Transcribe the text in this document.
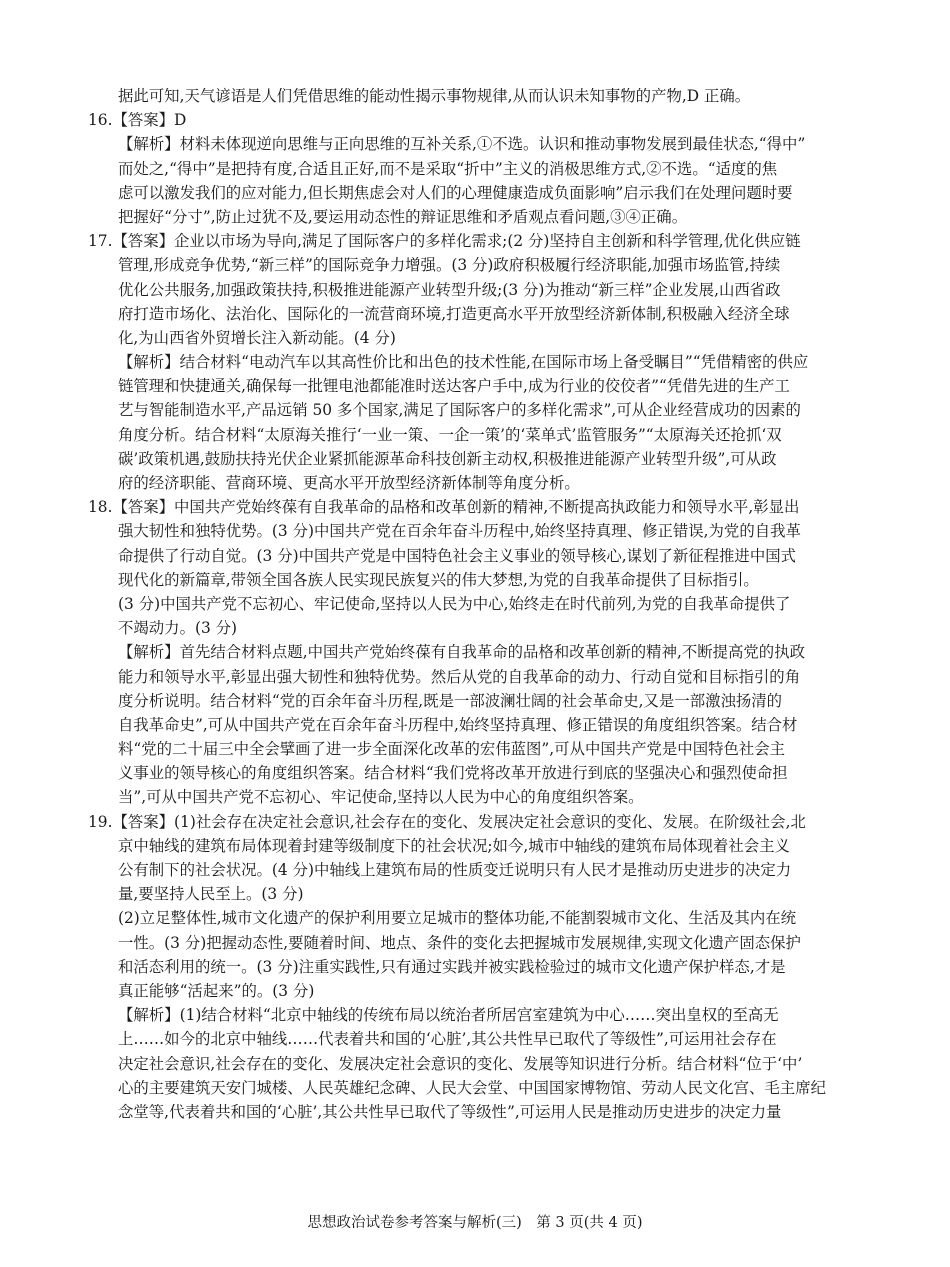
据此可知,天气谚语是人们凭借思维的能动性揭示事物规律,从而认识未知事物的产物,D 正确。
16.【答案】D
【解析】材料未体现逆向思维与正向思维的互补关系,①不选。认识和推动事物发展到最佳状态,“得中”
而处之,“得中”是把持有度,合适且正好,而不是采取“折中”主义的消极思维方式,②不选。“适度的焦
虑可以激发我们的应对能力,但长期焦虑会对人们的心理健康造成负面影响”启示我们在处理问题时要
把握好“分寸”,防止过犹不及,要运用动态性的辩证思维和矛盾观点看问题,③④正确。
17.【答案】企业以市场为导向,满足了国际客户的多样化需求;(2 分)坚持自主创新和科学管理,优化供应链
管理,形成竞争优势,“新三样”的国际竞争力增强。(3 分)政府积极履行经济职能,加强市场监管,持续
优化公共服务,加强政策扶持,积极推进能源产业转型升级;(3 分)为推动“新三样”企业发展,山西省政
府打造市场化、法治化、国际化的一流营商环境,打造更高水平开放型经济新体制,积极融入经济全球
化,为山西省外贸增长注入新动能。(4 分)
【解析】结合材料“电动汽车以其高性价比和出色的技术性能,在国际市场上备受瞩目”“凭借精密的供应
链管理和快捷通关,确保每一批锂电池都能准时送达客户手中,成为行业的佼佼者”“凭借先进的生产工
艺与智能制造水平,产品远销 50 多个国家,满足了国际客户的多样化需求”,可从企业经营成功的因素的
角度分析。结合材料“太原海关推行‘一业一策、一企一策’的‘菜单式’监管服务”“太原海关还抢抓‘双
碳’政策机遇,鼓励扶持光伏企业紧抓能源革命科技创新主动权,积极推进能源产业转型升级”,可从政
府的经济职能、营商环境、更高水平开放型经济新体制等角度分析。
18.【答案】中国共产党始终葆有自我革命的品格和改革创新的精神,不断提高执政能力和领导水平,彰显出
强大韧性和独特优势。(3 分)中国共产党在百余年奋斗历程中,始终坚持真理、修正错误,为党的自我革
命提供了行动自觉。(3 分)中国共产党是中国特色社会主义事业的领导核心,谋划了新征程推进中国式
现代化的新篇章,带领全国各族人民实现民族复兴的伟大梦想,为党的自我革命提供了目标指引。
(3 分)中国共产党不忘初心、牢记使命,坚持以人民为中心,始终走在时代前列,为党的自我革命提供了
不竭动力。(3 分)
【解析】首先结合材料点题,中国共产党始终葆有自我革命的品格和改革创新的精神,不断提高党的执政
能力和领导水平,彰显出强大韧性和独特优势。然后从党的自我革命的动力、行动自觉和目标指引的角
度分析说明。结合材料“党的百余年奋斗历程,既是一部波澜壮阔的社会革命史,又是一部激浊扬清的
自我革命史”,可从中国共产党在百余年奋斗历程中,始终坚持真理、修正错误的角度组织答案。结合材
料“党的二十届三中全会擘画了进一步全面深化改革的宏伟蓝图”,可从中国共产党是中国特色社会主
义事业的领导核心的角度组织答案。结合材料“我们党将改革开放进行到底的坚强决心和强烈使命担
当”,可从中国共产党不忘初心、牢记使命,坚持以人民为中心的角度组织答案。
19.【答案】(1)社会存在决定社会意识,社会存在的变化、发展决定社会意识的变化、发展。在阶级社会,北
京中轴线的建筑布局体现着封建等级制度下的社会状况;如今,城市中轴线的建筑布局体现着社会主义
公有制下的社会状况。(4 分)中轴线上建筑布局的性质变迁说明只有人民才是推动历史进步的决定力
量,要坚持人民至上。(3 分)
(2)立足整体性,城市文化遗产的保护利用要立足城市的整体功能,不能割裂城市文化、生活及其内在统
一性。(3 分)把握动态性,要随着时间、地点、条件的变化去把握城市发展规律,实现文化遗产固态保护
和活态利用的统一。(3 分)注重实践性,只有通过实践并被实践检验过的城市文化遗产保护样态,才是
真正能够“活起来”的。(3 分)
【解析】(1)结合材料“北京中轴线的传统布局以统治者所居宫室建筑为中心……突出皇权的至高无
上……如今的北京中轴线……代表着共和国的‘心脏’,其公共性早已取代了等级性”,可运用社会存在
决定社会意识,社会存在的变化、发展决定社会意识的变化、发展等知识进行分析。结合材料“位于‘中’
心的主要建筑天安门城楼、人民英雄纪念碑、人民大会堂、中国国家博物馆、劳动人民文化宫、毛主席纪
念堂等,代表着共和国的‘心脏’,其公共性早已取代了等级性”,可运用人民是推动历史进步的决定力量
思想政治试卷参考答案与解析(三)　第 3 页(共 4 页)
